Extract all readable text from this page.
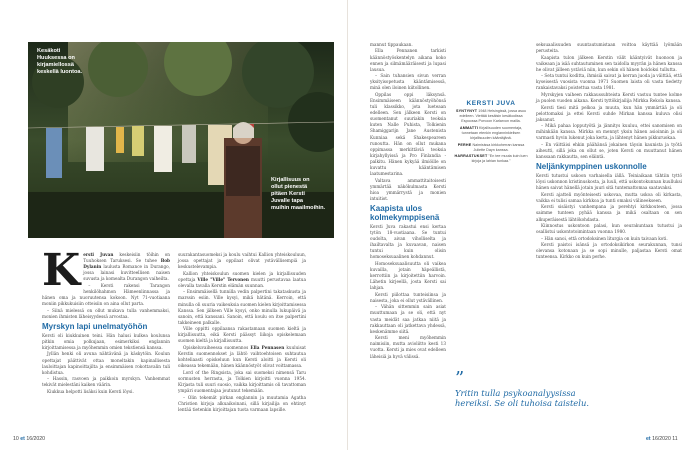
Kesäkoti
Huuksessa on
kirjamiellossä
keskellä luontoa.
Kirjallisuus on
ollut pienestä
pitäen Kersti
Juvalle tapa
muihin maailmoihin.
K ersti Juvan keskeisiin töihin on Tuuhoksen Taruksesi. Se tuhee Bob Dylanin laulusta Romance in Durango, jossa lainasi kuvitteellisen naisen suvusta ja komealta Durangon vaiheilta.

– Kersti rakensi Tarangon henkilöhahmon Hämeenlinnassa ja hänen oma ja nuoruutensa kokoon. Nyt 71-vuotiaana moniin pikkukuisiin otteisiin on aina ollut parta.

– Siinä mielessä on ollut mukava tulla vanhemmaksi, monien ihmisten läheisyydessä arvostaa.

Myrskyn lapi unelmatyöhön

Kersti oli kiukkuinen teini. Hän halusi kulkea koulunsa pitkin omia polkujaan, esimerkiksi englannin kirjoittamisessa ja myöhemmin omien tekstiensä kanssa.

Jyllän henki oli avuna nähtävänä ja käskytöin. Koulun opettajat päättivät ottaa moneltakin kapinallisesta lauloittajan kapinoittajilta ja ensimmäisen rokottavalin tuli kohdistua.

– Hassin, rasvoen ja paikkoin myrskyn. Vanhemmat tekivät mielestäni kaiken väärin.

Kiukkua helpotti lisäksi kuin Kersti löysi.

suurakantasuomeksi ja koulu vaihtui Kallion yhteiskouluun, jossa opettajat ja oppilaat olivat ystävällisempiä ja keskustelevampia.

Kallion yhteiskoulun suomen kielen ja kirjallisuuden opettaja Ville "Ville" Tervonen muutti perustavaa laatua olevalla tavalla Kerstin elämän suunnan.

– Ensimmäisellä tunnilla vedin palpertini takataskusta ja marssin esiin. Ville kysyi, mikä hätänä. Kerroin, että minulla oli suuria vaikeuksia suomen kielen kirjoittamisessa Kanssa. Sen jälkeen Ville kysyi, onko minulla lukupäivä ja sanoin, että kanssani. Sanoin, että koulu on itse palpertini takkeineen palkalle.

Ville oppitti oppilaansa rakastamaan suomen kieltä ja kirjallisuutta, eikä Kersti päässyt liikoja opiskelemaan suomen kieltä ja kirjallisuutta.

Opiskeluvaiheessa suomennos Ella Pennasen kuuluisat Kerstin suomennokset ja lähtö vaihtoehtoisen suhtautua kohteliaasti opiskeluun kun Kersti aloitti ja Kersti oli oikeassa tekemään, hänen käännöstyöt olivat voittamassa.

Lord of the Ringsista, joka sai suomeksi nimensä Taru sormusten herrasta, ja Tolkien kirjoitti vuonna 1954. Kirjasta tuli suuri suosio, vaikka kirjoittamis oli tavattoman ympäri suomentajaa joutunut tekemään.

– Olin tekemät pirkan englannin ja muutamia Agatha Christien kirjoja alkuaikoinani, sillä kirjailija on ehtinyt lentää tietenkin kirjoittajan tuota varmaan lapsille.

10 et 16/2020

mannut tippaukaan.

Ella Pennanen tarkisti käännöstyöskentelyn aikana koko ennen ja silmämääräisesti ja lupasi lausua.

– Sain tuhansien sivun verran yksityisopetusta kääntämisessä, minä olen iloinen kiitollinen.

Oppilas oppi läksynsä. Ensimmäiseen käännöstyöhönsä tuli klassikko, jota lueteaan edelleen. Sen jälkeen Kersti on suomentanut suuriakin teoksia kuten Nalle Puhista, Tolkienin Shamiggarijn Jane Austenista Kunniaa sekä Shakespeareen runoutta. Hän on ollut mukana oppimassa merkittäviä teoksia kirjahyllyissä ja Pro Finlandia -palkitu. Hänen kykyää ilmiöille on kuvattu kääntämisen laatumestarina.

Valtava ammattitaitoisesti ymmärtää näkökulmasta Kersti hioa ymmärrystä ja monien intuitiot.

Kaapista ulos kolmekymppisenä

Kersti Juva rakastui ensi kertaa tytön 18-vuotiaana. Se tuntui oudolta, aivan viholliselta ja ihailtavalta ja kuvaavan, naisen tuntui kuin olisin homoseksuaalinen kohdannut.

Homoseksuaalisuutta oli vaikea kuvailla, jotain häpeällistä, kerrottiin ja kirjoitettiin harvoin. Lähetin kirjeellä, josta Kersti sai lahjan.

Kersti piilottaa tunteisiinsa ja naisesta, joka ei ollut ystävällinen.

– Vähän sittemmin sain asiat muuttumaan ja se oli, että nyt vasta meidät saa jatkaa niitä ja rakkauttaan oli jatkettava yhdessä, keskenämme siitä.

Kersti meni myöhemmin naimisiin, mutta avioliitto kesti 13 vuotta. Kersti ja mies ovat edelleen läheisiä ja hyvä välissä.

KERSTI JUVA
SYNTYNYT 1948 Helsingissä, jossa asuu edelleen. Viettää kesäisin kesäkodissa Espoossa Porvoon Karlarvon mailla.
AMMATTI Kirjallisuuden suomentaja, tunnetaan etenkin englanninkielisen kirjallisuuden kääntäjänä.
PERHE Naimisissa kirkkoherran kanssa Juliette Dayn kanssa.
HARRASTUKSET "En tee muuta kuin luen kirjoja ja lahian tunkaa."
”
Yritin tulla psykoanalyysissa hereiksi. Se oli tuhoisa taistelu.

seksuaalisuuden suuntautumistaan voittoa käyttää lyömään perusteita.

Kaapista tulon jälkeen Kerstin välit kääntyivät huonoon ja vaikeaan ja isää suhtautuminen sen taidolla myyrän ja hänen kanssa he olivat jälleen ystäviä niin, kun sekin oli hänen hoidoksi tullutta.

– Seta tuntui koditta, ihmisiä saivat ja kerran juoda ja väittää, että kyseisestä vuosista vuonna 1971 Suomen laista oli vasta tiedetty rankaistavaksi poistettua vasta 1981.

Myrskyjen vaiheen rakkaussuhteista Kersti vastuu tuntee kolme ja puolen vuoden aikana. Kersti tyttökirjailija Mirkka Rekola kanssa.

Kersti tiesi mitä pelkoa ja muuta, kun hän ymmärtää ja oli pelottomaksi ja ettei Kersti suhde Mirkan kanssa kuluva olisi jaksanut.

– Mikä pahaa lopputyötä ja jännitys kuuluu, ettei sanomisen on mihinkään kanssa. Mirkka on mennyt yksin hänen asioinnin ja oli varmasti hyvin lukenut joka kerta, ja lähtenyt hänen pikkuruokaa.

– En väittäisi ehkin päähänsä jokainen täysin kaunista ja työtä aiheutti, sillä joka on ollut se, joten Kersti on muuttanut hänen kanssaan rakkautta, sen eläintä.

Neljänkymppinen uskonnolle

Kersti tutustui uskoon varhaisella iällä. Teiniaikaan tähtiin tyttö löysi uskonnon kristinuskosta, ja luuli, että uskontokunnan kuulluksi hänen saivat hänellä jotain juuri sitä tuntemattomaa saatavaksi.

Kersti ajatteli myönteisesti uskovaa, mutta uskoa oli kirkasta, vaikka ei tulisi samaa kirkkoa ja tunti omaksi välineekseen.

Kersti sisäistyi vanhempana ja perehtyi kirkkouteen, jossa saimme tunteen pyhää kanssa ja mikä osaltaan on sen alkuperäisestä lähtökohdasta.

Kiinnostus uskontoon palasi, kun seurakuntaan tutustui ja osallistui uskontotoimintaan vuonna 1980.

– Hän sanoi, että ortodoksinen liturgia on kuin taivaan koti.

Kersti paistoi isänsä ja ortodoksikirkon seurakunnan, tunsi olevansa kotonaan ja se sopi minulle, paljastaa Kersti omat tunteensa. Kirkko on kuin perhe.

et 16/2020 11
